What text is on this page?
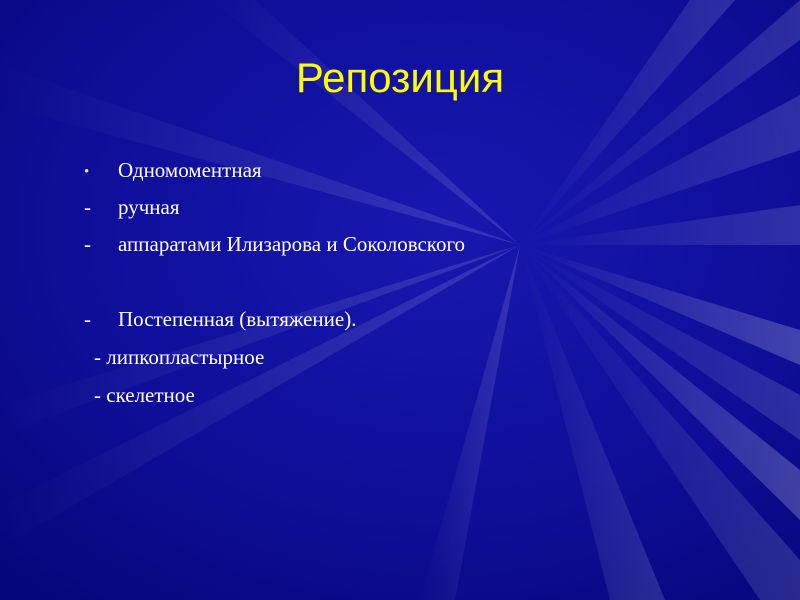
Репозиция
•	Одномоментная
-	ручная
-	аппаратами Илизарова и Соколовского
-	Постепенная (вытяжение).
- липкопластырное
- скелетное
